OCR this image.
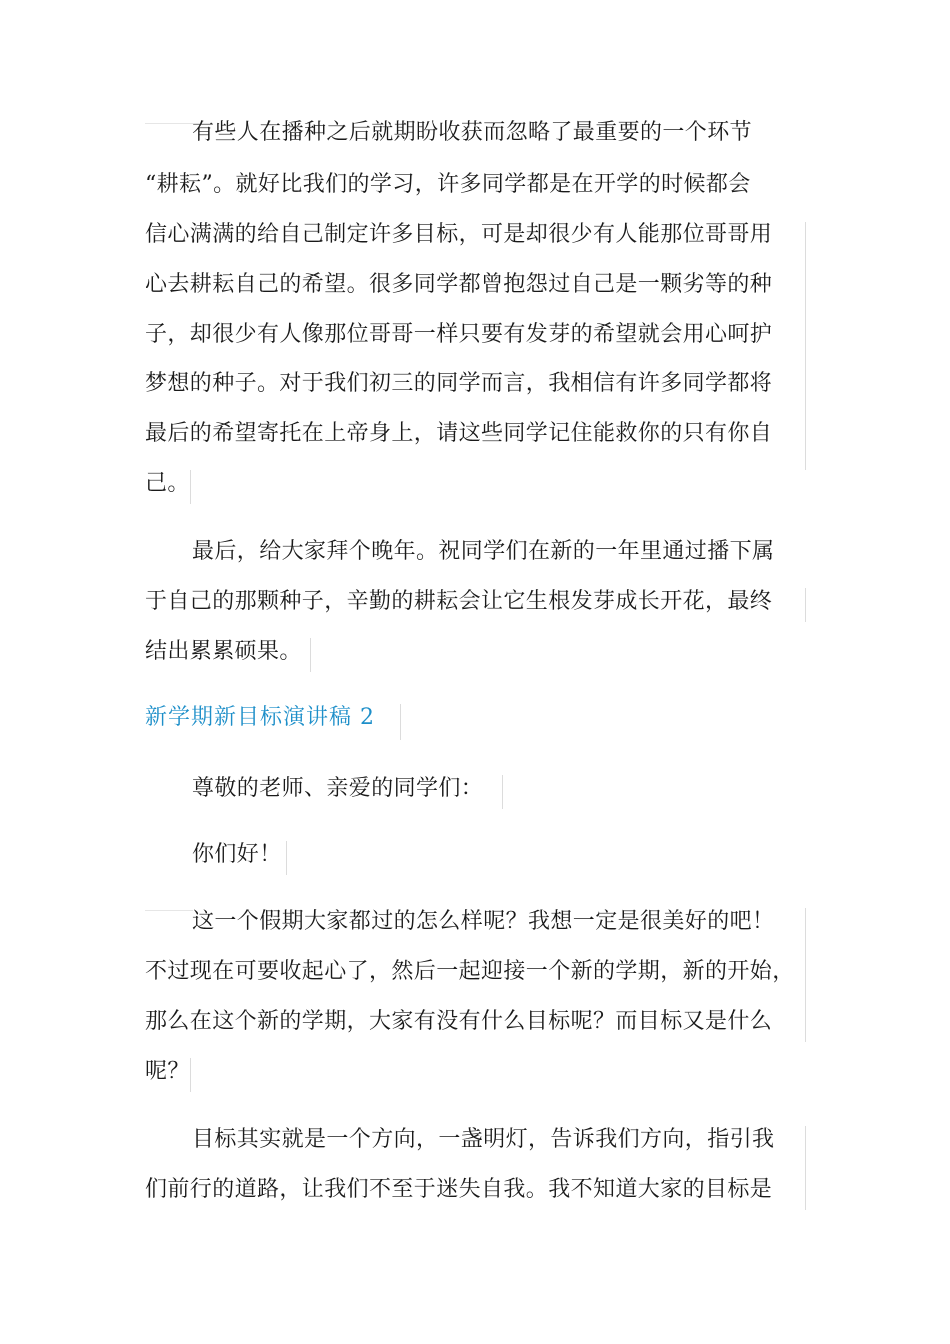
有些人在播种之后就期盼收获而忽略了最重要的一个环节
“耕耘”。就好比我们的学习，许多同学都是在开学的时候都会
信心满满的给自己制定许多目标，可是却很少有人能那位哥哥用
心去耕耘自己的希望。很多同学都曾抱怨过自己是一颗劣等的种
子，却很少有人像那位哥哥一样只要有发芽的希望就会用心呵护
梦想的种子。对于我们初三的同学而言，我相信有许多同学都将
最后的希望寄托在上帝身上，请这些同学记住能救你的只有你自
己。
最后，给大家拜个晚年。祝同学们在新的一年里通过播下属
于自己的那颗种子，辛勤的耕耘会让它生根发芽成长开花，最终
结出累累硕果。
新学期新目标演讲稿 2
尊敬的老师、亲爱的同学们：
你们好！
这一个假期大家都过的怎么样呢？我想一定是很美好的吧！
不过现在可要收起心了，然后一起迎接一个新的学期，新的开始，
那么在这个新的学期，大家有没有什么目标呢？而目标又是什么
呢？
目标其实就是一个方向，一盏明灯，告诉我们方向，指引我
们前行的道路，让我们不至于迷失自我。我不知道大家的目标是
